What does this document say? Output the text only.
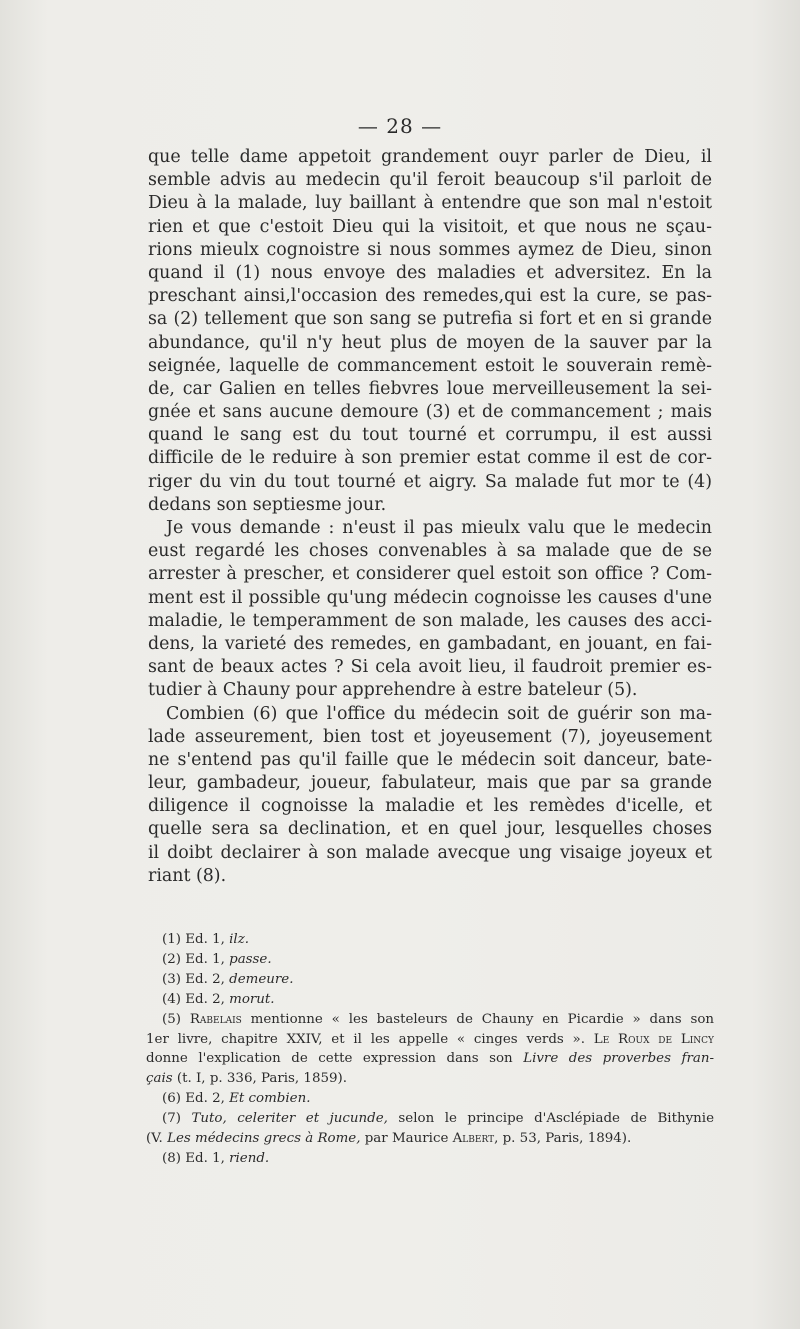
— 28 —
que telle dame appetoit grandement ouyr parler de Dieu, il
semble advis au medecin qu'il feroit beaucoup s'il parloit de
Dieu à la malade, luy baillant à entendre que son mal n'estoit
rien et que c'estoit Dieu qui la visitoit, et que nous ne sçau-
rions mieulx cognoistre si nous sommes aymez de Dieu, sinon
quand il (1) nous envoye des maladies et adversitez. En la
preschant ainsi,l'occasion des remedes,qui est la cure, se pas-
sa (2) tellement que son sang se putrefia si fort et en si grande
abundance, qu'il n'y heut plus de moyen de la sauver par la
seignée, laquelle de commancement estoit le souverain remè-
de, car Galien en telles fiebvres loue merveilleusement la sei-
gnée et sans aucune demoure (3) et de commancement ; mais
quand le sang est du tout tourné et corrumpu, il est aussi
difficile de le reduire à son premier estat comme il est de cor-
riger du vin du tout tourné et aigry. Sa malade fut mor te (4)
dedans son septiesme jour.
Je vous demande : n'eust il pas mieulx valu que le medecin
eust regardé les choses convenables à sa malade que de se
arrester à prescher, et considerer quel estoit son office ? Com-
ment est il possible qu'ung médecin cognoisse les causes d'une
maladie, le temperamment de son malade, les causes des acci-
dens, la varieté des remedes, en gambadant, en jouant, en fai-
sant de beaux actes ? Si cela avoit lieu, il faudroit premier es-
tudier à Chauny pour apprehendre à estre bateleur (5).
Combien (6) que l'office du médecin soit de guérir son ma-
lade asseurement, bien tost et joyeusement (7), joyeusement
ne s'entend pas qu'il faille que le médecin soit danceur, bate-
leur, gambadeur, joueur, fabulateur, mais que par sa grande
diligence il cognoisse la maladie et les remèdes d'icelle, et
quelle sera sa declination, et en quel jour, lesquelles choses
il doibt declairer à son malade avecque ung visaige joyeux et
riant (8).
(1) Ed. 1, ilz.
(2) Ed. 1, passe.
(3) Ed. 2, demeure.
(4) Ed. 2, morut.
(5) Rabelais mentionne « les basteleurs de Chauny en Picardie » dans son
1er livre, chapitre XXIV, et il les appelle « cinges verds ». Le Roux de Lincy
donne l'explication de cette expression dans son Livre des proverbes fran-
çais (t. I, p. 336, Paris, 1859).
(6) Ed. 2, Et combien.
(7) Tuto, celeriter et jucunde, selon le principe d'Asclépiade de Bithynie
(V. Les médecins grecs à Rome, par Maurice Albert, p. 53, Paris, 1894).
(8) Ed. 1, riend.
